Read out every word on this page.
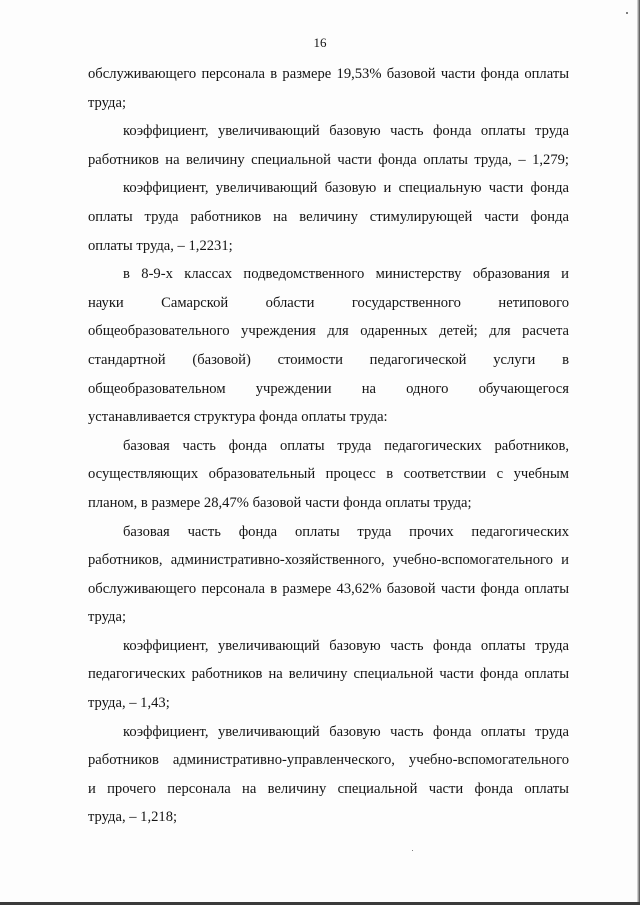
16
обслуживающего персонала в размере 19,53% базовой части фонда оплаты
труда;
коэффициент, увеличивающий базовую часть фонда оплаты труда
работников на величину специальной части фонда оплаты труда, – 1,279;
коэффициент, увеличивающий базовую и специальную части фонда
оплаты труда работников на величину стимулирующей части фонда
оплаты труда, – 1,2231;
в 8-9-х классах подведомственного министерству образования и
науки Самарской области государственного нетипового
общеобразовательного учреждения для одаренных детей; для расчета
стандартной (базовой) стоимости педагогической услуги в
общеобразовательном учреждении на одного обучающегося
устанавливается структура фонда оплаты труда:
базовая часть фонда оплаты труда педагогических работников,
осуществляющих образовательный процесс в соответствии с учебным
планом, в размере 28,47% базовой части фонда оплаты труда;
базовая часть фонда оплаты труда прочих педагогических
работников, административно-хозяйственного, учебно-вспомогательного и
обслуживающего персонала в размере 43,62% базовой части фонда оплаты
труда;
коэффициент, увеличивающий базовую часть фонда оплаты труда
педагогических работников на величину специальной части фонда оплаты
труда, – 1,43;
коэффициент, увеличивающий базовую часть фонда оплаты труда
работников административно-управленческого, учебно-вспомогательного
и прочего персонала на величину специальной части фонда оплаты
труда, – 1,218;
